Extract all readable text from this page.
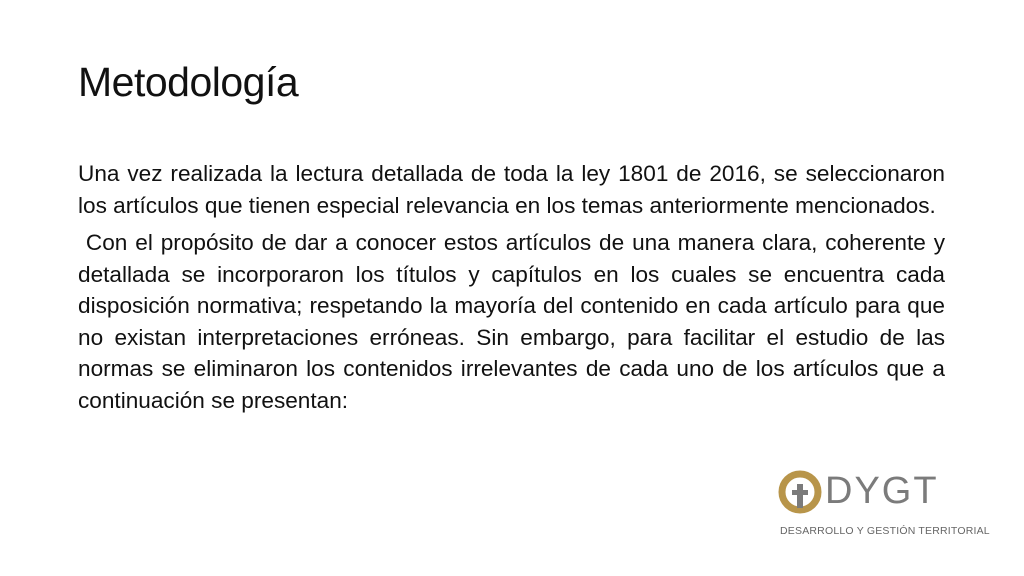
Metodología

Una vez realizada la lectura detallada de toda la ley 1801 de 2016, se seleccionaron los artículos que tienen especial relevancia en los temas anteriormente mencionados.

Con el propósito de dar a conocer estos artículos de una manera clara, coherente y detallada se incorporaron los títulos y capítulos en los cuales se encuentra cada disposición normativa; respetando la mayoría del contenido en cada artículo para que no existan interpretaciones erróneas. Sin embargo, para facilitar el estudio de las normas se eliminaron los contenidos irrelevantes de cada uno de los artículos que a continuación se presentan:

DYGT
DESARROLLO Y GESTIÓN TERRITORIAL
